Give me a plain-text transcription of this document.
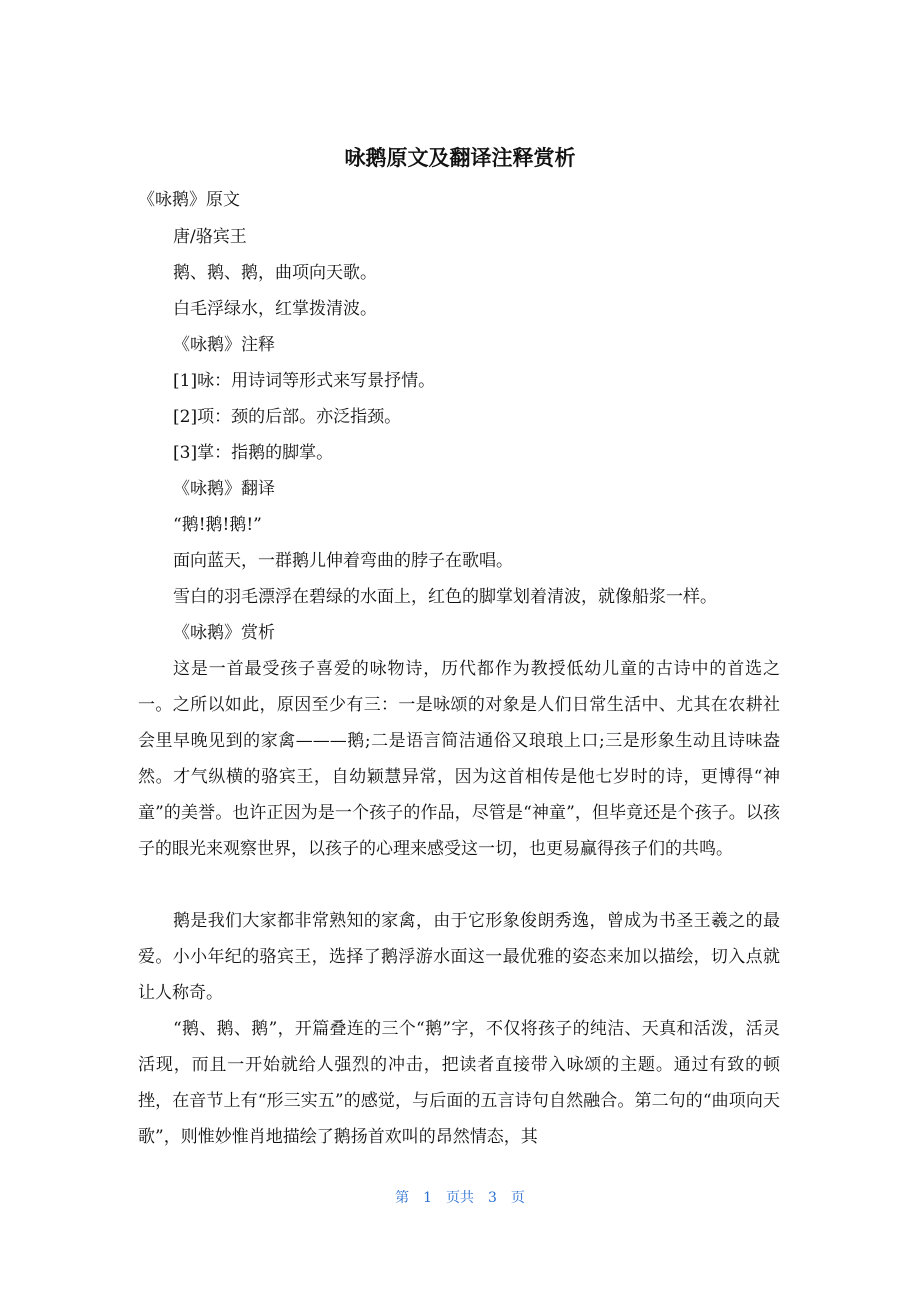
咏鹅原文及翻译注释赏析

《咏鹅》原文

唐/骆宾王

鹅、鹅、鹅，曲项向天歌。

白毛浮绿水，红掌拨清波。

《咏鹅》注释

[1]咏：用诗词等形式来写景抒情。

[2]项：颈的后部。亦泛指颈。

[3]掌：指鹅的脚掌。

《咏鹅》翻译

“鹅!鹅!鹅!”

面向蓝天，一群鹅儿伸着弯曲的脖子在歌唱。

雪白的羽毛漂浮在碧绿的水面上，红色的脚掌划着清波，就像船浆一样。

《咏鹅》赏析

这是一首最受孩子喜爱的咏物诗，历代都作为教授低幼儿童的古诗中的首选之一。之所以如此，原因至少有三：一是咏颂的对象是人们日常生活中、尤其在农耕社会里早晚见到的家禽———鹅;二是语言简洁通俗又琅琅上口;三是形象生动且诗味盎然。才气纵横的骆宾王，自幼颖慧异常，因为这首相传是他七岁时的诗，更博得“神童”的美誉。也许正因为是一个孩子的作品，尽管是“神童”，但毕竟还是个孩子。以孩子的眼光来观察世界，以孩子的心理来感受这一切，也更易赢得孩子们的共鸣。

鹅是我们大家都非常熟知的家禽，由于它形象俊朗秀逸，曾成为书圣王羲之的最爱。小小年纪的骆宾王，选择了鹅浮游水面这一最优雅的姿态来加以描绘，切入点就让人称奇。

“鹅、鹅、鹅”，开篇叠连的三个“鹅”字，不仅将孩子的纯洁、天真和活泼，活灵活现，而且一开始就给人强烈的冲击，把读者直接带入咏颂的主题。通过有致的顿挫，在音节上有“形三实五”的感觉，与后面的五言诗句自然融合。第二句的“曲项向天歌”，则惟妙惟肖地描绘了鹅扬首欢叫的昂然情态，其

第 1 页共 3 页
